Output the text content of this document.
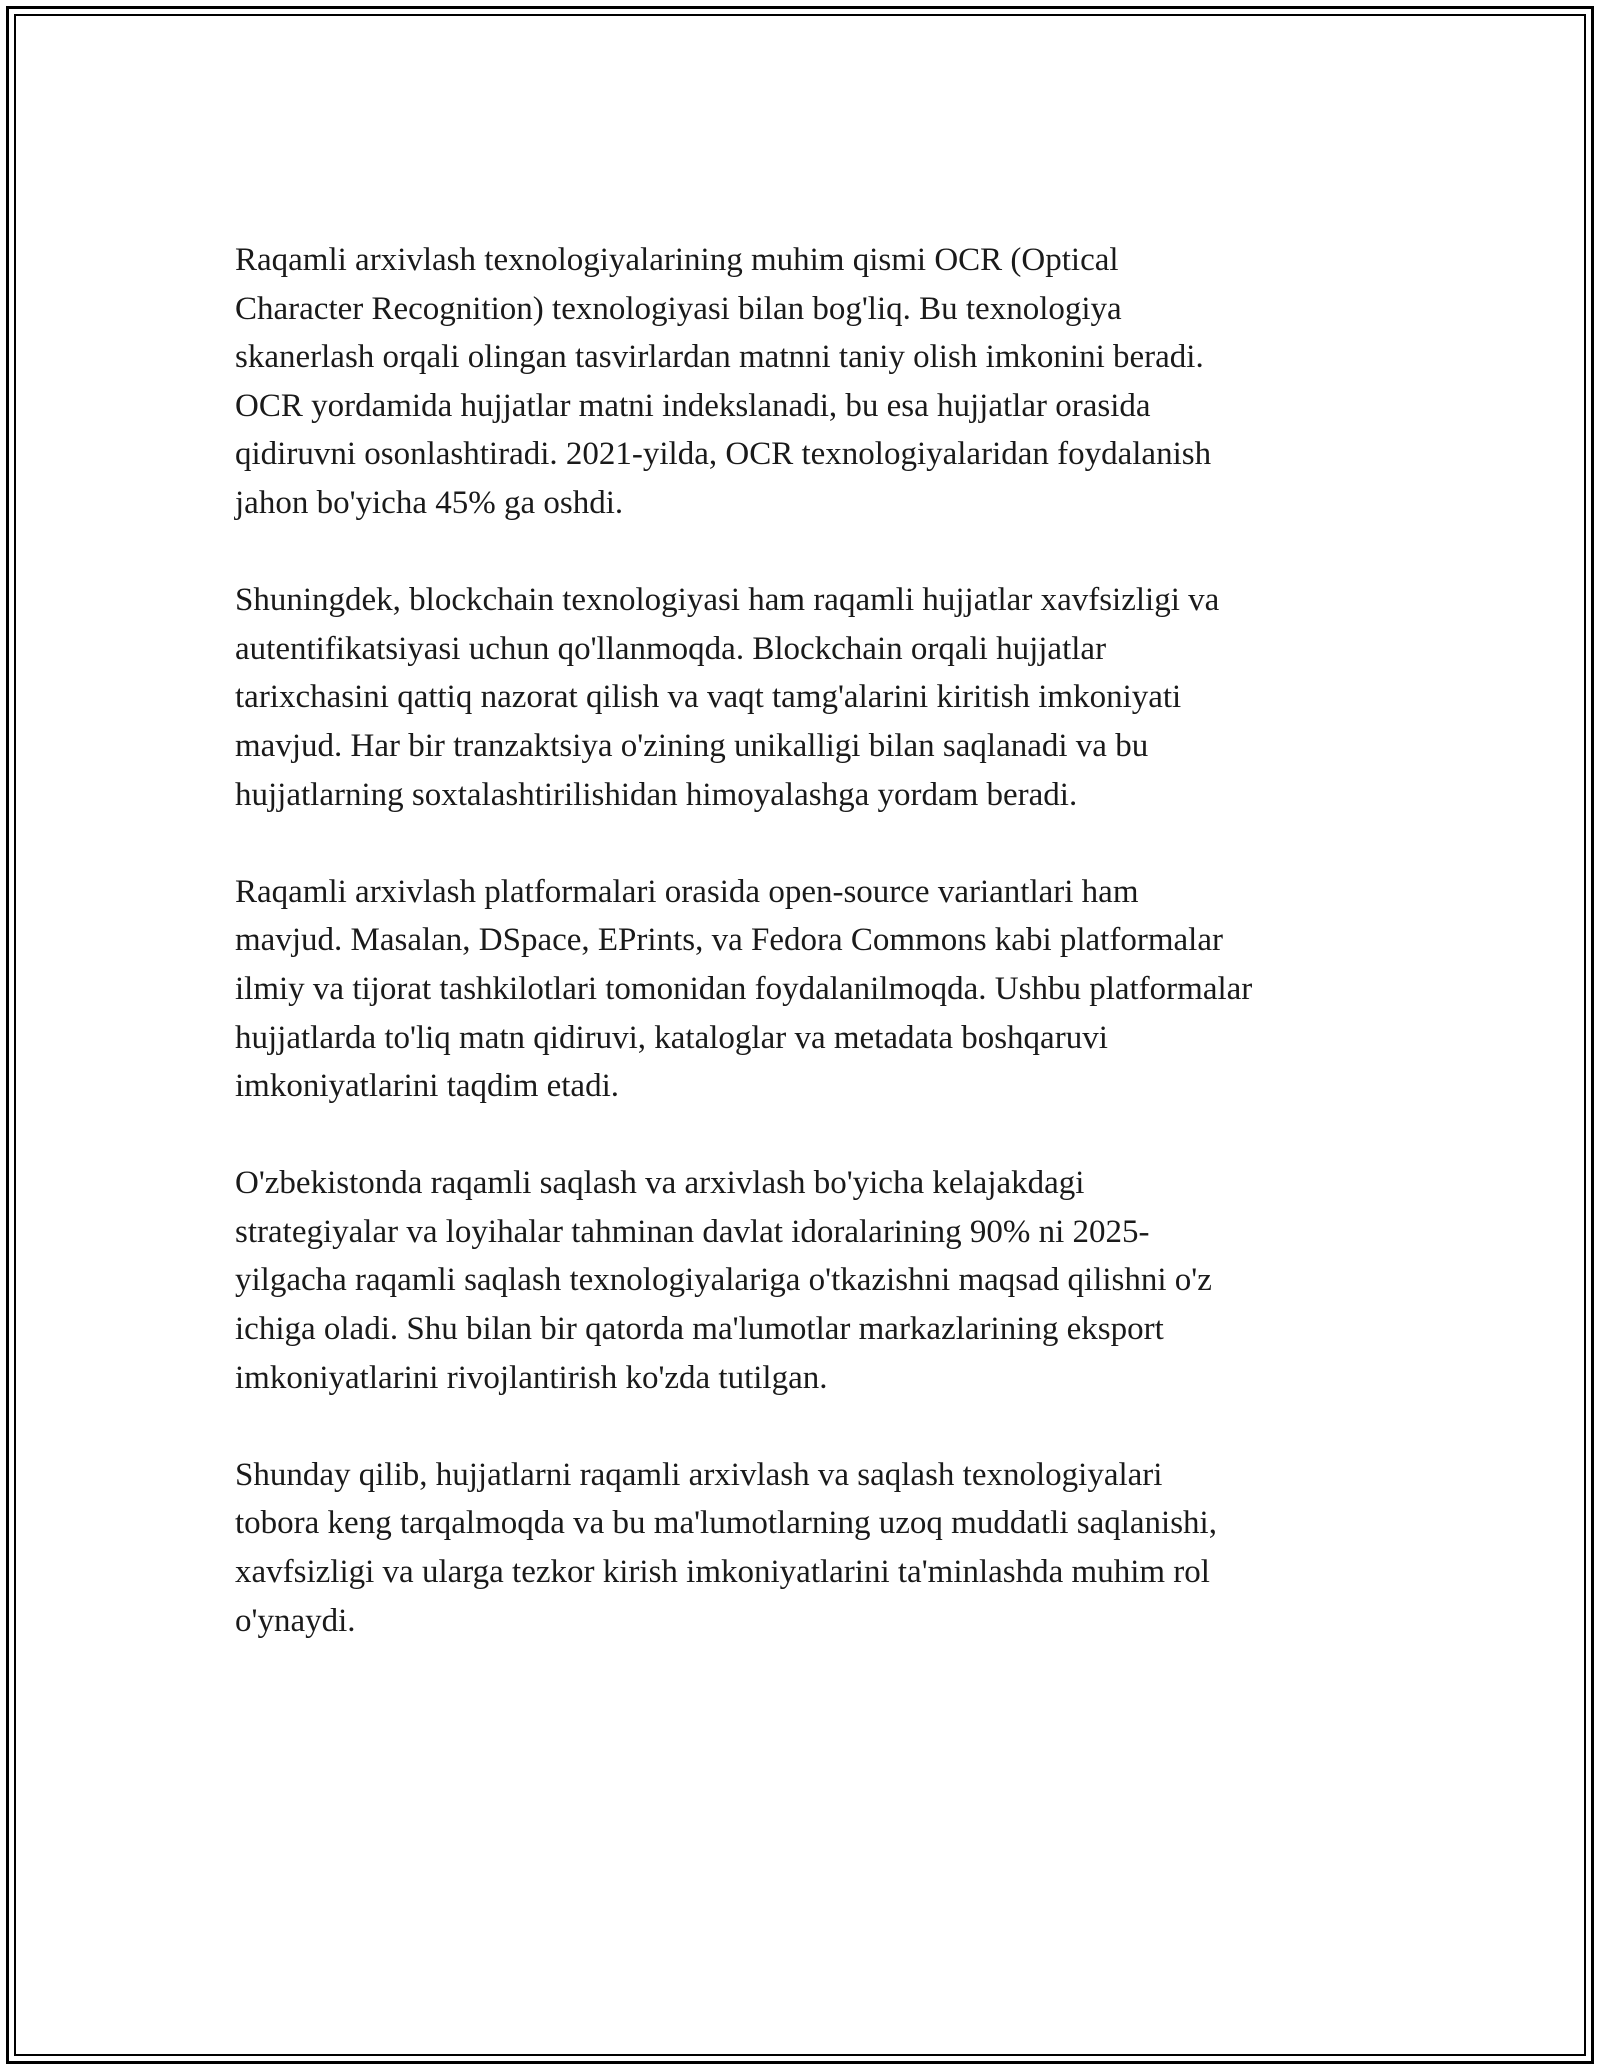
Raqamli arxivlash texnologiyalarining muhim qismi OCR (Optical
Character Recognition) texnologiyasi bilan bog'liq. Bu texnologiya
skanerlash orqali olingan tasvirlardan matnni taniy olish imkonini beradi.
OCR yordamida hujjatlar matni indekslanadi, bu esa hujjatlar orasida
qidiruvni osonlashtiradi. 2021-yilda, OCR texnologiyalaridan foydalanish
jahon bo'yicha 45% ga oshdi.

Shuningdek, blockchain texnologiyasi ham raqamli hujjatlar xavfsizligi va
autentifikatsiyasi uchun qo'llanmoqda. Blockchain orqali hujjatlar
tarixchasini qattiq nazorat qilish va vaqt tamg'alarini kiritish imkoniyati
mavjud. Har bir tranzaktsiya o'zining unikalligi bilan saqlanadi va bu
hujjatlarning soxtalashtirilishidan himoyalashga yordam beradi.

Raqamli arxivlash platformalari orasida open-source variantlari ham
mavjud. Masalan, DSpace, EPrints, va Fedora Commons kabi platformalar
ilmiy va tijorat tashkilotlari tomonidan foydalanilmoqda. Ushbu platformalar
hujjatlarda to'liq matn qidiruvi, kataloglar va metadata boshqaruvi
imkoniyatlarini taqdim etadi.

O'zbekistonda raqamli saqlash va arxivlash bo'yicha kelajakdagi
strategiyalar va loyihalar tahminan davlat idoralarining 90% ni 2025-
yilgacha raqamli saqlash texnologiyalariga o'tkazishni maqsad qilishni o'z
ichiga oladi. Shu bilan bir qatorda ma'lumotlar markazlarining eksport
imkoniyatlarini rivojlantirish ko'zda tutilgan.

Shunday qilib, hujjatlarni raqamli arxivlash va saqlash texnologiyalari
tobora keng tarqalmoqda va bu ma'lumotlarning uzoq muddatli saqlanishi,
xavfsizligi va ularga tezkor kirish imkoniyatlarini ta'minlashda muhim rol
o'ynaydi.
